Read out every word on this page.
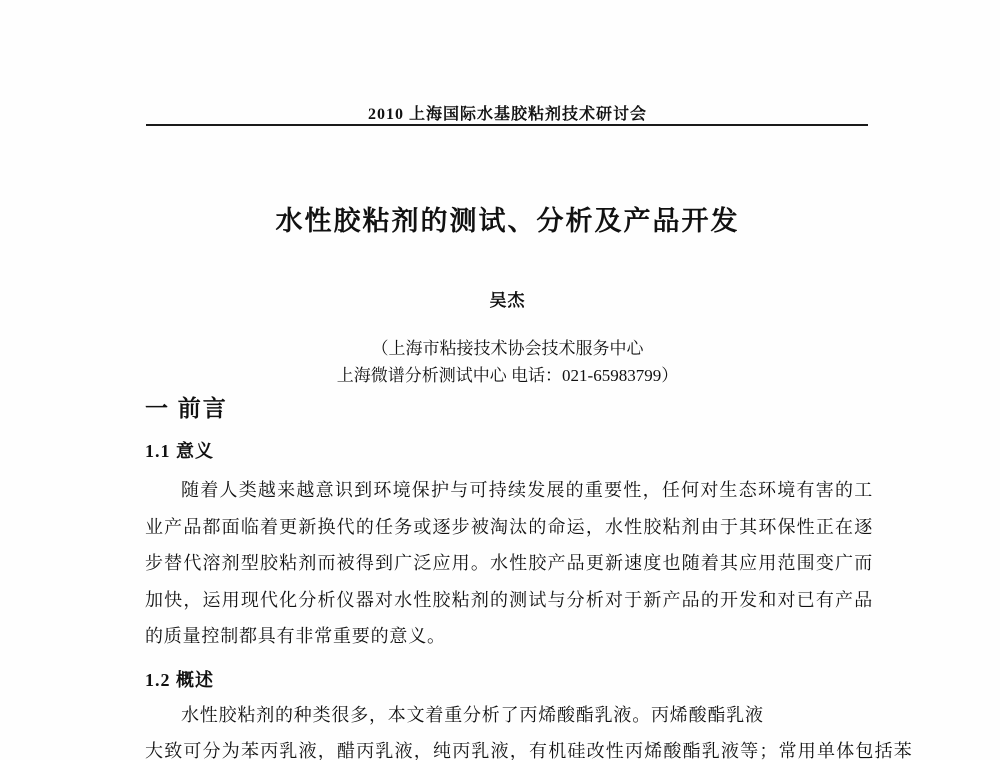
2010 上海国际水基胶粘剂技术研讨会
水性胶粘剂的测试、分析及产品开发
吴杰
（上海市粘接技术协会技术服务中心
上海微谱分析测试中心 电话：021-65983799）
一 前言
1.1 意义

随着人类越来越意识到环境保护与可持续发展的重要性，任何对生态环境有害的工业产品都面临着更新换代的任务或逐步被淘汰的命运，水性胶粘剂由于其环保性正在逐步替代溶剂型胶粘剂而被得到广泛应用。水性胶产品更新速度也随着其应用范围变广而加快，运用现代化分析仪器对水性胶粘剂的测试与分析对于新产品的开发和对已有产品的质量控制都具有非常重要的意义。

1.2 概述

水性胶粘剂的种类很多，本文着重分析了丙烯酸酯乳液。丙烯酸酯乳液

大致可分为苯丙乳液，醋丙乳液，纯丙乳液，有机硅改性丙烯酸酯乳液等；常用单体包括苯
